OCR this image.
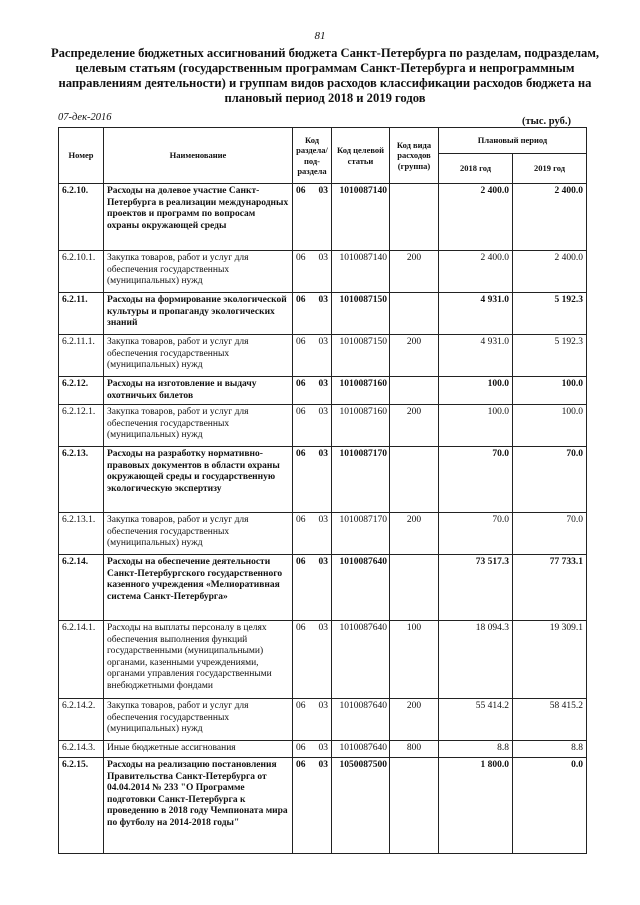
81
Распределение бюджетных ассигнований бюджета Санкт-Петербурга по разделам, подразделам, целевым статьям (государственным программам Санкт-Петербурга и непрограммным направлениям деятельности) и группам видов расходов классификации расходов бюджета на плановый период 2018 и 2019 годов
07-дек-2016	(тыс. руб.)
Номер	Наименование	Код раздела/ под-раздела	Код целевой статьи	Код вида расходов (группа)	Плановый период	
					2018 год	2019 год
6.2.10.	Расходы на долевое участие Санкт-Петербурга в реализации международных проектов и программ по вопросам охраны окружающей среды	06 03	1010087140		2 400.0	2 400.0
6.2.10.1.	Закупка товаров, работ и услуг для обеспечения государственных (муниципальных) нужд	06 03	1010087140	200	2 400.0	2 400.0
6.2.11.	Расходы на формирование экологической культуры и пропаганду экологических знаний	06 03	1010087150		4 931.0	5 192.3
6.2.11.1.	Закупка товаров, работ и услуг для обеспечения государственных (муниципальных) нужд	06 03	1010087150	200	4 931.0	5 192.3
6.2.12.	Расходы на изготовление и выдачу охотничьих билетов	06 03	1010087160		100.0	100.0
6.2.12.1.	Закупка товаров, работ и услуг для обеспечения государственных (муниципальных) нужд	06 03	1010087160	200	100.0	100.0
6.2.13.	Расходы на разработку нормативно-правовых документов в области охраны окружающей среды и государственную экологическую экспертизу	06 03	1010087170		70.0	70.0
6.2.13.1.	Закупка товаров, работ и услуг для обеспечения государственных (муниципальных) нужд	06 03	1010087170	200	70.0	70.0
6.2.14.	Расходы на обеспечение деятельности Санкт-Петербургского государственного казенного учреждения «Мелиоративная система Санкт-Петербурга»	06 03	1010087640		73 517.3	77 733.1
6.2.14.1.	Расходы на выплаты персоналу в целях обеспечения выполнения функций государственными (муниципальными) органами, казенными учреждениями, органами управления государственными внебюджетными фондами	06 03	1010087640	100	18 094.3	19 309.1
6.2.14.2.	Закупка товаров, работ и услуг для обеспечения государственных (муниципальных) нужд	06 03	1010087640	200	55 414.2	58 415.2
6.2.14.3.	Иные бюджетные ассигнования	06 03	1010087640	800	8.8	8.8
6.2.15.	Расходы на реализацию постановления Правительства Санкт-Петербурга от 04.04.2014 № 233 "О Программе подготовки Санкт-Петербурга к проведению в 2018 году Чемпионата мира по футболу на 2014-2018 годы"	06 03	1050087500		1 800.0	0.0
